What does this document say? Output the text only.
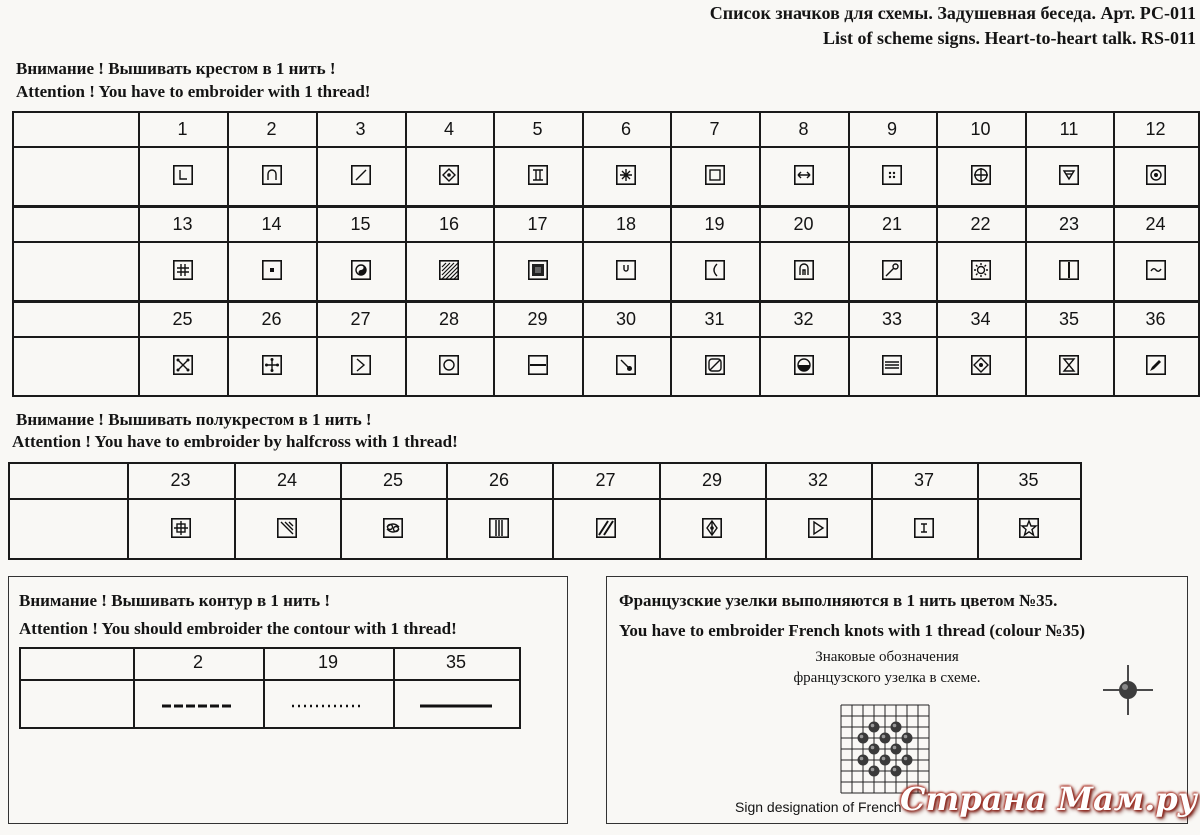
Список значков для схемы. Задушевная беседа. Арт. РС-011
List of scheme signs. Heart-to-heart talk. RS-011
Внимание ! Вышивать крестом в 1 нить !
Attention ! You have to embroider with 1 thread!
1	2	3	4	5	6	7	8	9	10	11	12
13	14	15	16	17	18	19	20	21	22	23	24
25	26	27	28	29	30	31	32	33	34	35	36
Внимание ! Вышивать полукрестом в 1 нить !
Attention ! You have to embroider by halfcross with 1 thread!
23	24	25	26	27	29	32	37	35
Внимание ! Вышивать контур в 1 нить !
Attention ! You should embroider the contour with 1 thread!
2	19	35
Французские узелки выполняются в 1 нить цветом №35.
You have to embroider French knots with 1 thread (colour №35)
Знаковые обозначения
французского узелка в схеме.
Sign designation of French
Страна Мам.ру
